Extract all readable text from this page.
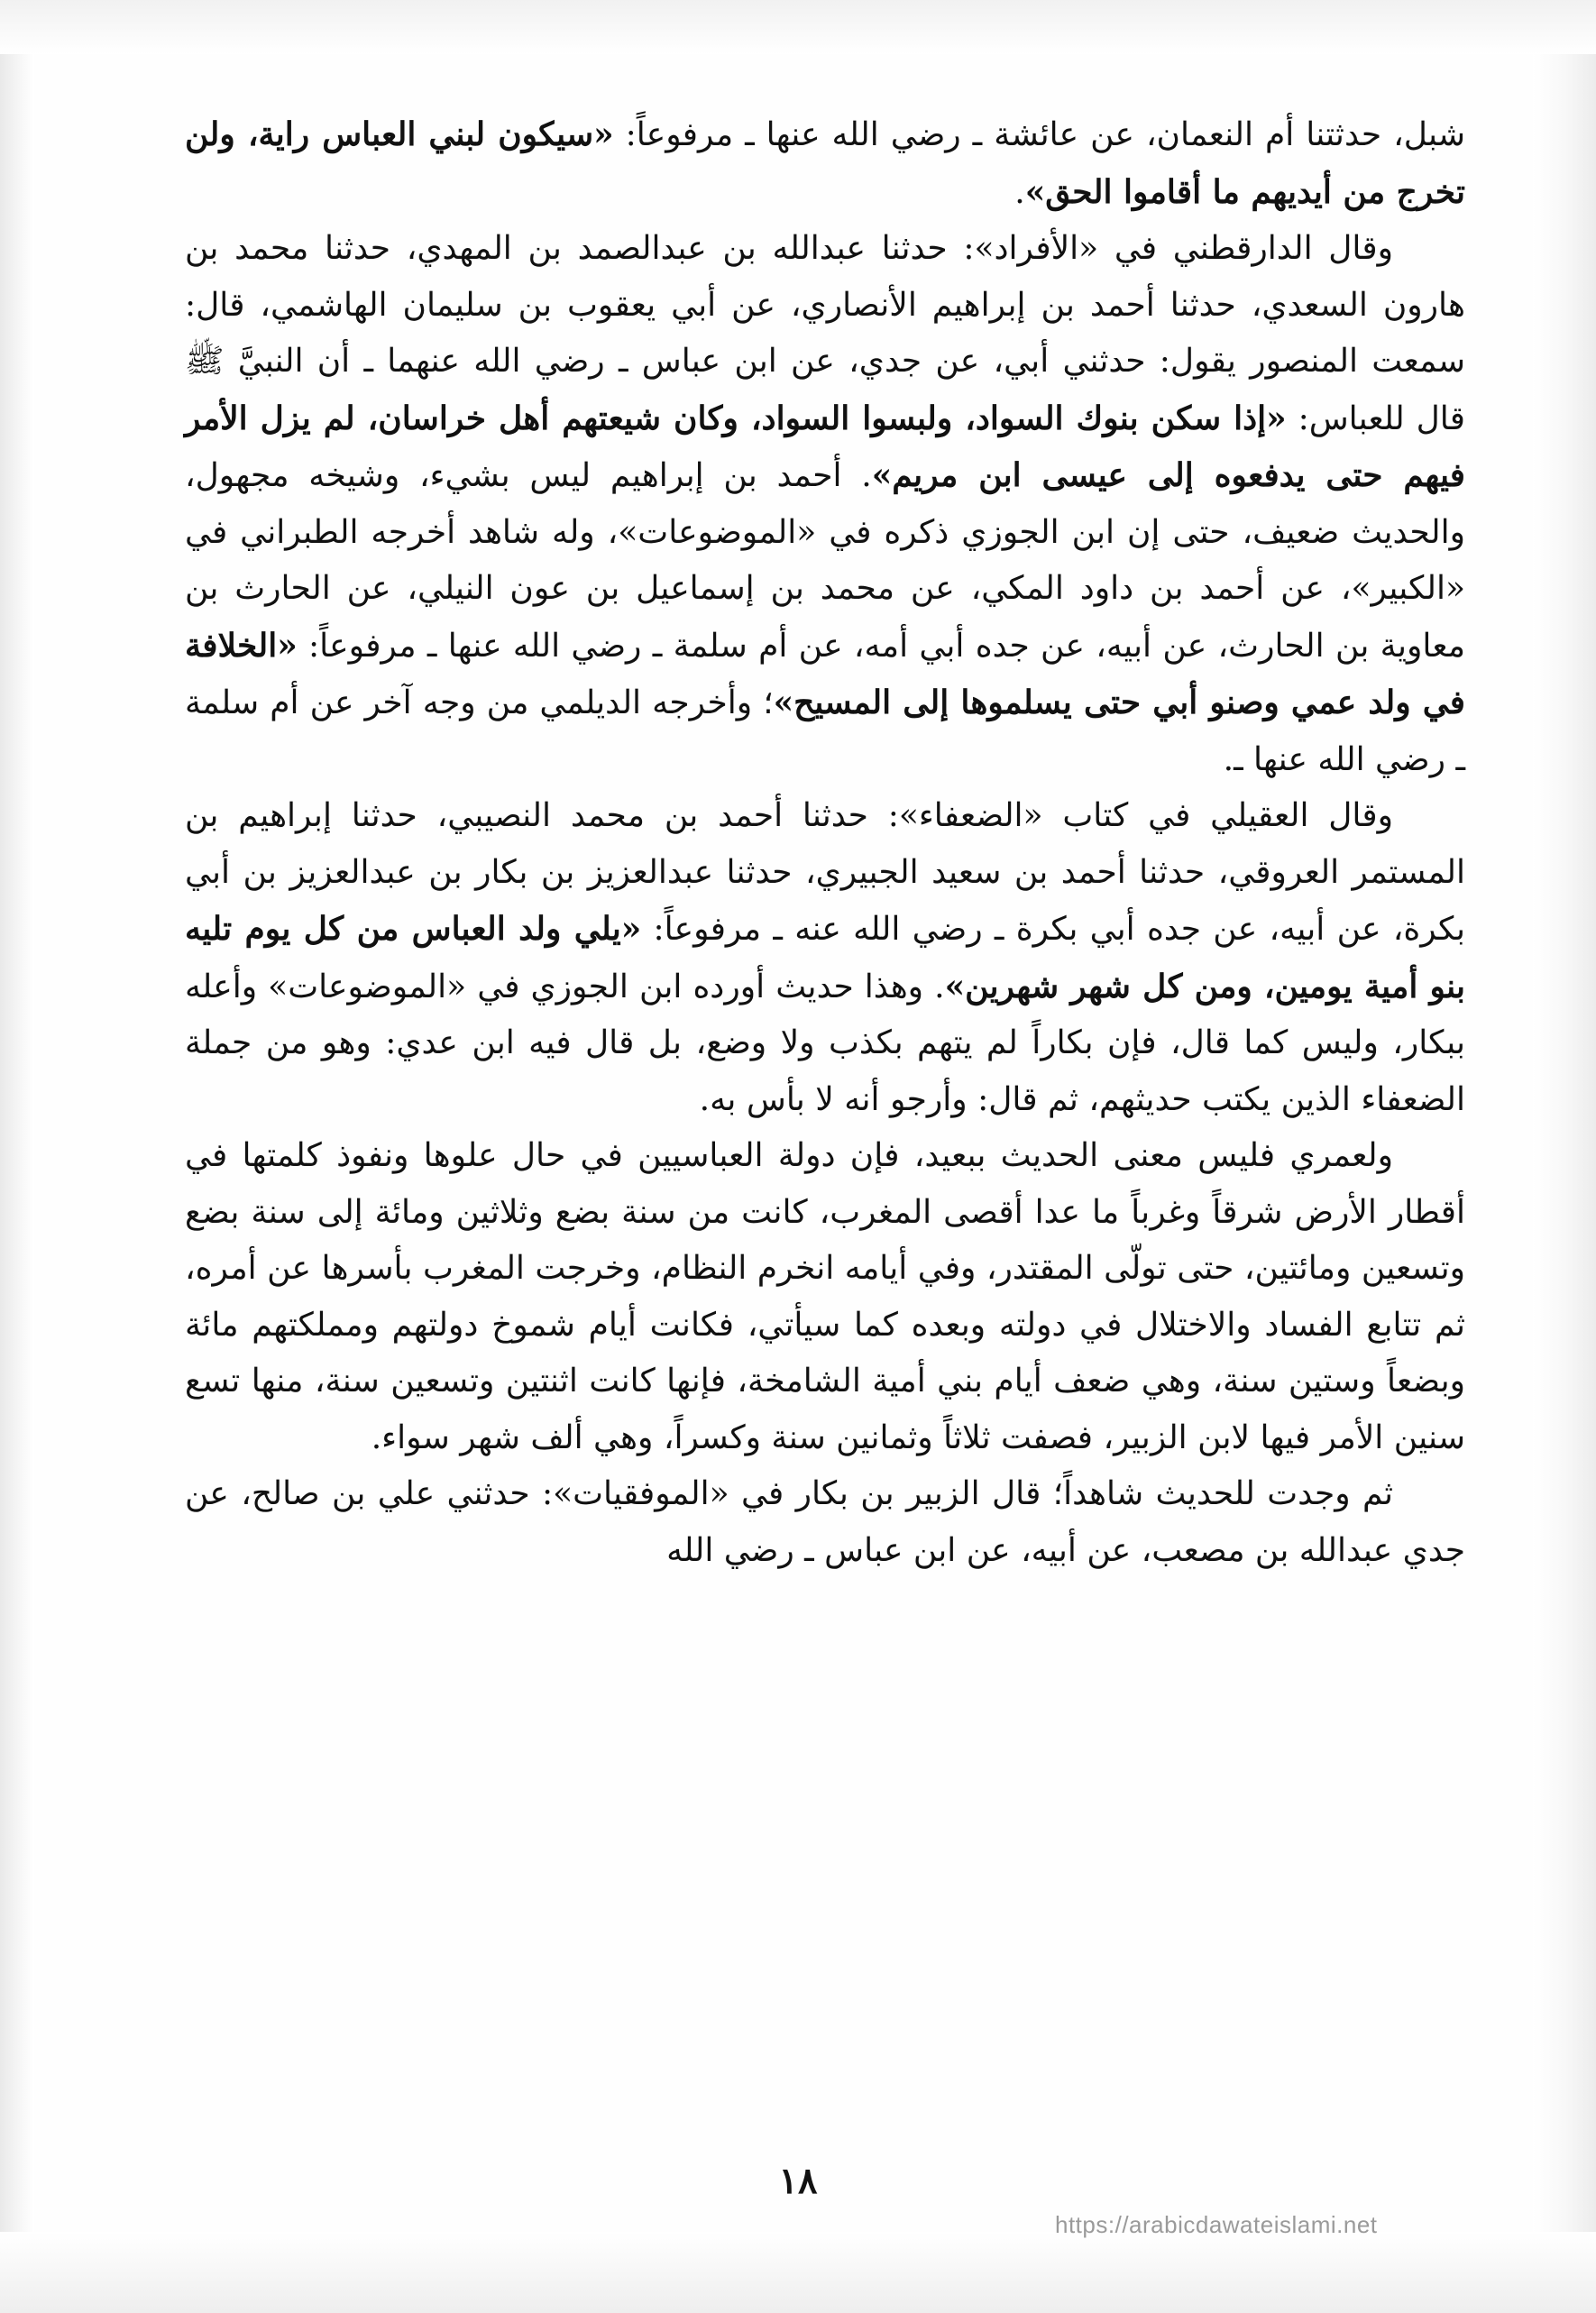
شبل، حدثتنا أم النعمان، عن عائشة ـ رضي الله عنها ـ مرفوعاً: «سيكون لبني العباس راية، ولن تخرج من أيديهم ما أقاموا الحق».

وقال الدارقطني في «الأفراد»: حدثنا عبدالله بن عبدالصمد بن المهدي، حدثنا محمد بن هارون السعدي، حدثنا أحمد بن إبراهيم الأنصاري، عن أبي يعقوب بن سليمان الهاشمي، قال: سمعت المنصور يقول: حدثني أبي، عن جدي، عن ابن عباس ـ رضي الله عنهما ـ أن النبيَّ ﷺ قال للعباس: «إذا سكن بنوك السواد، ولبسوا السواد، وكان شيعتهم أهل خراسان، لم يزل الأمر فيهم حتى يدفعوه إلى عيسى ابن مريم». أحمد بن إبراهيم ليس بشيء، وشيخه مجهول، والحديث ضعيف، حتى إن ابن الجوزي ذكره في «الموضوعات»، وله شاهد أخرجه الطبراني في «الكبير»، عن أحمد بن داود المكي، عن محمد بن إسماعيل بن عون النيلي، عن الحارث بن معاوية بن الحارث، عن أبيه، عن جده أبي أمه، عن أم سلمة ـ رضي الله عنها ـ مرفوعاً: «الخلافة في ولد عمي وصنو أبي حتى يسلموها إلى المسيح»؛ وأخرجه الديلمي من وجه آخر عن أم سلمة ـ رضي الله عنها ـ.

وقال العقيلي في كتاب «الضعفاء»: حدثنا أحمد بن محمد النصيبي، حدثنا إبراهيم بن المستمر العروقي، حدثنا أحمد بن سعيد الجبيري، حدثنا عبدالعزيز بن بكار بن عبدالعزيز بن أبي بكرة، عن أبيه، عن جده أبي بكرة ـ رضي الله عنه ـ مرفوعاً: «يلي ولد العباس من كل يوم تليه بنو أمية يومين، ومن كل شهر شهرين». وهذا حديث أورده ابن الجوزي في «الموضوعات» وأعله ببكار، وليس كما قال، فإن بكاراً لم يتهم بكذب ولا وضع، بل قال فيه ابن عدي: وهو من جملة الضعفاء الذين يكتب حديثهم، ثم قال: وأرجو أنه لا بأس به.

ولعمري فليس معنى الحديث ببعيد، فإن دولة العباسيين في حال علوها ونفوذ كلمتها في أقطار الأرض شرقاً وغرباً ما عدا أقصى المغرب، كانت من سنة بضع وثلاثين ومائة إلى سنة بضع وتسعين ومائتين، حتى تولّى المقتدر، وفي أيامه انخرم النظام، وخرجت المغرب بأسرها عن أمره، ثم تتابع الفساد والاختلال في دولته وبعده كما سيأتي، فكانت أيام شموخ دولتهم ومملكتهم مائة وبضعاً وستين سنة، وهي ضعف أيام بني أمية الشامخة، فإنها كانت اثنتين وتسعين سنة، منها تسع سنين الأمر فيها لابن الزبير، فصفت ثلاثاً وثمانين سنة وكسراً، وهي ألف شهر سواء.

ثم وجدت للحديث شاهداً؛ قال الزبير بن بكار في «الموفقيات»: حدثني علي بن صالح، عن جدي عبدالله بن مصعب، عن أبيه، عن ابن عباس ـ رضي الله

١٨
https://arabicdawateislami.net
